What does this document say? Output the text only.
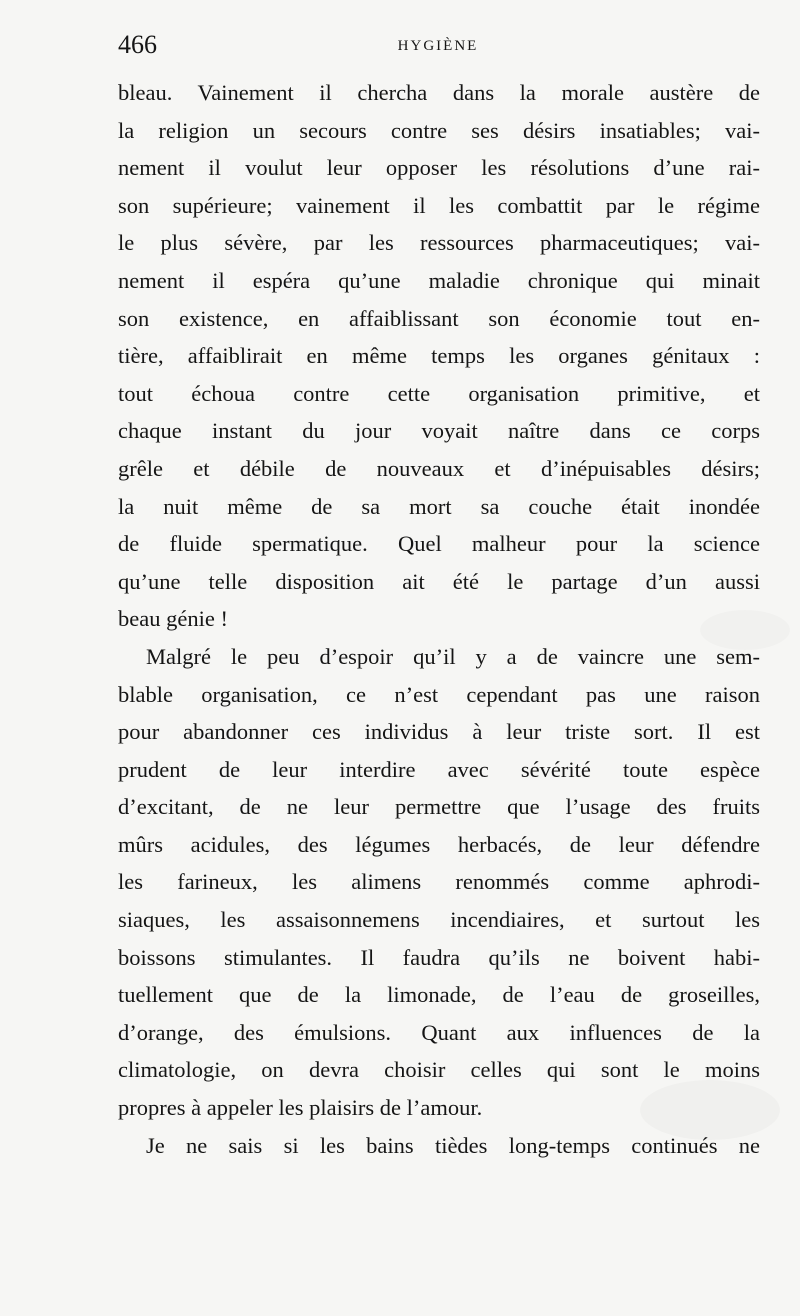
466	HYGIÈNE
bleau. Vainement il chercha dans la morale austère de
la religion un secours contre ses désirs insatiables; vai-
nement il voulut leur opposer les résolutions d’une rai-
son supérieure; vainement il les combattit par le régime
le plus sévère, par les ressources pharmaceutiques; vai-
nement il espéra qu’une maladie chronique qui minait
son existence, en affaiblissant son économie tout en-
tière, affaiblirait en même temps les organes génitaux :
tout échoua contre cette organisation primitive, et
chaque instant du jour voyait naître dans ce corps
grêle et débile de nouveaux et d’inépuisables désirs;
la nuit même de sa mort sa couche était inondée
de fluide spermatique. Quel malheur pour la science
qu’une telle disposition ait été le partage d’un aussi
beau génie !
Malgré le peu d’espoir qu’il y a de vaincre une sem-
blable organisation, ce n’est cependant pas une raison
pour abandonner ces individus à leur triste sort. Il est
prudent de leur interdire avec sévérité toute espèce
d’excitant, de ne leur permettre que l’usage des fruits
mûrs acidules, des légumes herbacés, de leur défendre
les farineux, les alimens renommés comme aphrodi-
siaques, les assaisonnemens incendiaires, et surtout les
boissons stimulantes. Il faudra qu’ils ne boivent habi-
tuellement que de la limonade, de l’eau de groseilles,
d’orange, des émulsions. Quant aux influences de la
climatologie, on devra choisir celles qui sont le moins
propres à appeler les plaisirs de l’amour.
Je ne sais si les bains tièdes long-temps continués ne
